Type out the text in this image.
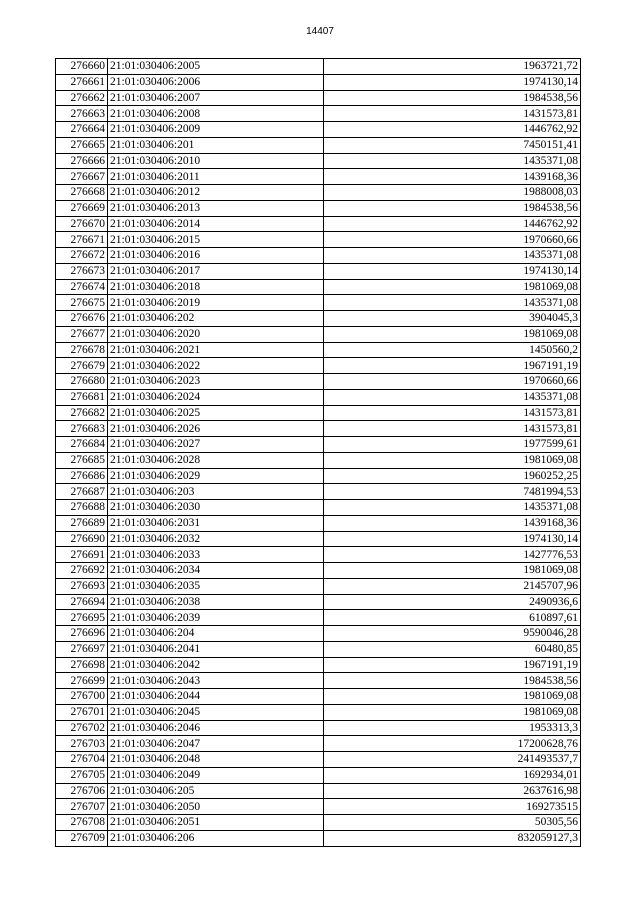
14407
276660	21:01:030406:2005	1963721,72
276661	21:01:030406:2006	1974130,14
276662	21:01:030406:2007	1984538,56
276663	21:01:030406:2008	1431573,81
276664	21:01:030406:2009	1446762,92
276665	21:01:030406:201	7450151,41
276666	21:01:030406:2010	1435371,08
276667	21:01:030406:2011	1439168,36
276668	21:01:030406:2012	1988008,03
276669	21:01:030406:2013	1984538,56
276670	21:01:030406:2014	1446762,92
276671	21:01:030406:2015	1970660,66
276672	21:01:030406:2016	1435371,08
276673	21:01:030406:2017	1974130,14
276674	21:01:030406:2018	1981069,08
276675	21:01:030406:2019	1435371,08
276676	21:01:030406:202	3904045,3
276677	21:01:030406:2020	1981069,08
276678	21:01:030406:2021	1450560,2
276679	21:01:030406:2022	1967191,19
276680	21:01:030406:2023	1970660,66
276681	21:01:030406:2024	1435371,08
276682	21:01:030406:2025	1431573,81
276683	21:01:030406:2026	1431573,81
276684	21:01:030406:2027	1977599,61
276685	21:01:030406:2028	1981069,08
276686	21:01:030406:2029	1960252,25
276687	21:01:030406:203	7481994,53
276688	21:01:030406:2030	1435371,08
276689	21:01:030406:2031	1439168,36
276690	21:01:030406:2032	1974130,14
276691	21:01:030406:2033	1427776,53
276692	21:01:030406:2034	1981069,08
276693	21:01:030406:2035	2145707,96
276694	21:01:030406:2038	2490936,6
276695	21:01:030406:2039	610897,61
276696	21:01:030406:204	9590046,28
276697	21:01:030406:2041	60480,85
276698	21:01:030406:2042	1967191,19
276699	21:01:030406:2043	1984538,56
276700	21:01:030406:2044	1981069,08
276701	21:01:030406:2045	1981069,08
276702	21:01:030406:2046	1953313,3
276703	21:01:030406:2047	17200628,76
276704	21:01:030406:2048	241493537,7
276705	21:01:030406:2049	1692934,01
276706	21:01:030406:205	2637616,98
276707	21:01:030406:2050	169273515
276708	21:01:030406:2051	50305,56
276709	21:01:030406:206	832059127,3
